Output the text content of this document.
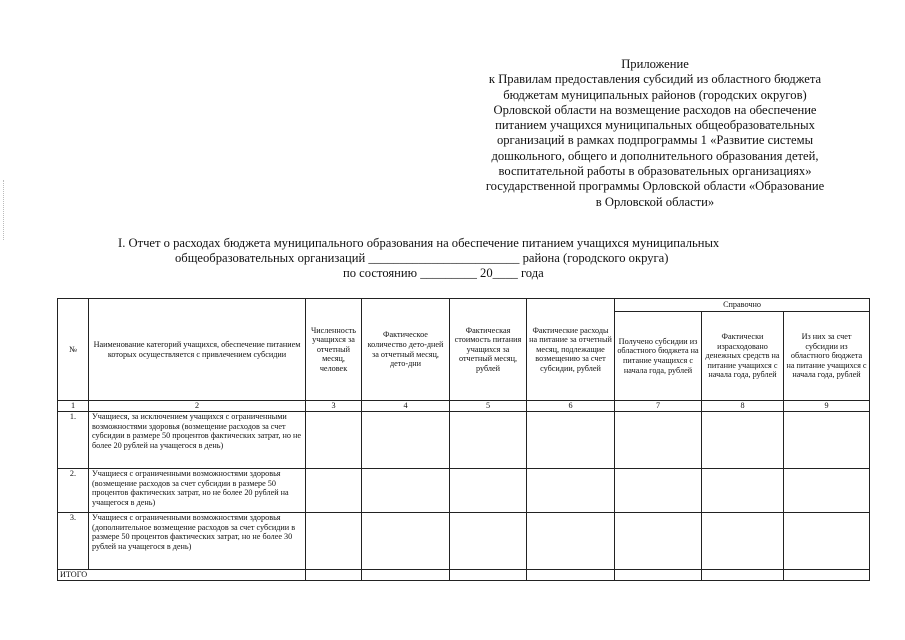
Приложение
к Правилам предоставления субсидий из областного бюджета
бюджетам муниципальных районов (городских округов)
Орловской области на возмещение расходов на обеспечение
питанием учащихся муниципальных общеобразовательных
организаций в рамках подпрограммы 1 «Развитие системы
дошкольного, общего и дополнительного образования детей,
воспитательной работы в образовательных организациях»
государственной программы Орловской области «Образование
в Орловской области»
I. Отчет о расходах бюджета муниципального образования на обеспечение питанием учащихся муниципальных
общеобразовательных организаций ________________________ района (городского округа)
по состоянию _________ 20____ года
№	Наименование категорий учащихся, обеспечение питанием которых осуществляется с привлечением субсидии	Численность учащихся за отчетный месяц, человек	Фактическое количество дето-дней за отчетный месяц, дето-дни	Фактическая стоимость питания учащихся за отчетный месяц, рублей	Фактические расходы на питание за отчетный месяц, подлежащие возмещению за счет субсидии, рублей	Справочно		
						Получено субсидии из областного бюджета на питание учащихся с начала года, рублей	Фактически израсходовано денежных средств на питание учащихся с начала года, рублей	Из них за счет субсидии из областного бюджета на питание учащихся с начала года, рублей
1	2	3	4	5	6	7	8	9
1.	Учащиеся, за исключением учащихся с ограниченными возможностями здоровья (возмещение расходов за счет субсидии в размере 50 процентов фактических затрат, но не более 20 рублей на учащегося в день)							
2.	Учащиеся с ограниченными возможностями здоровья (возмещение расходов за счет субсидии в размере 50 процентов фактических затрат, но не более 20 рублей на учащегося в день)							
3.	Учащиеся с ограниченными возможностями здоровья (дополнительное возмещение расходов за счет субсидии в размере 50 процентов фактических затрат, но не более 30 рублей на учащегося в день)							
ИТОГО								
